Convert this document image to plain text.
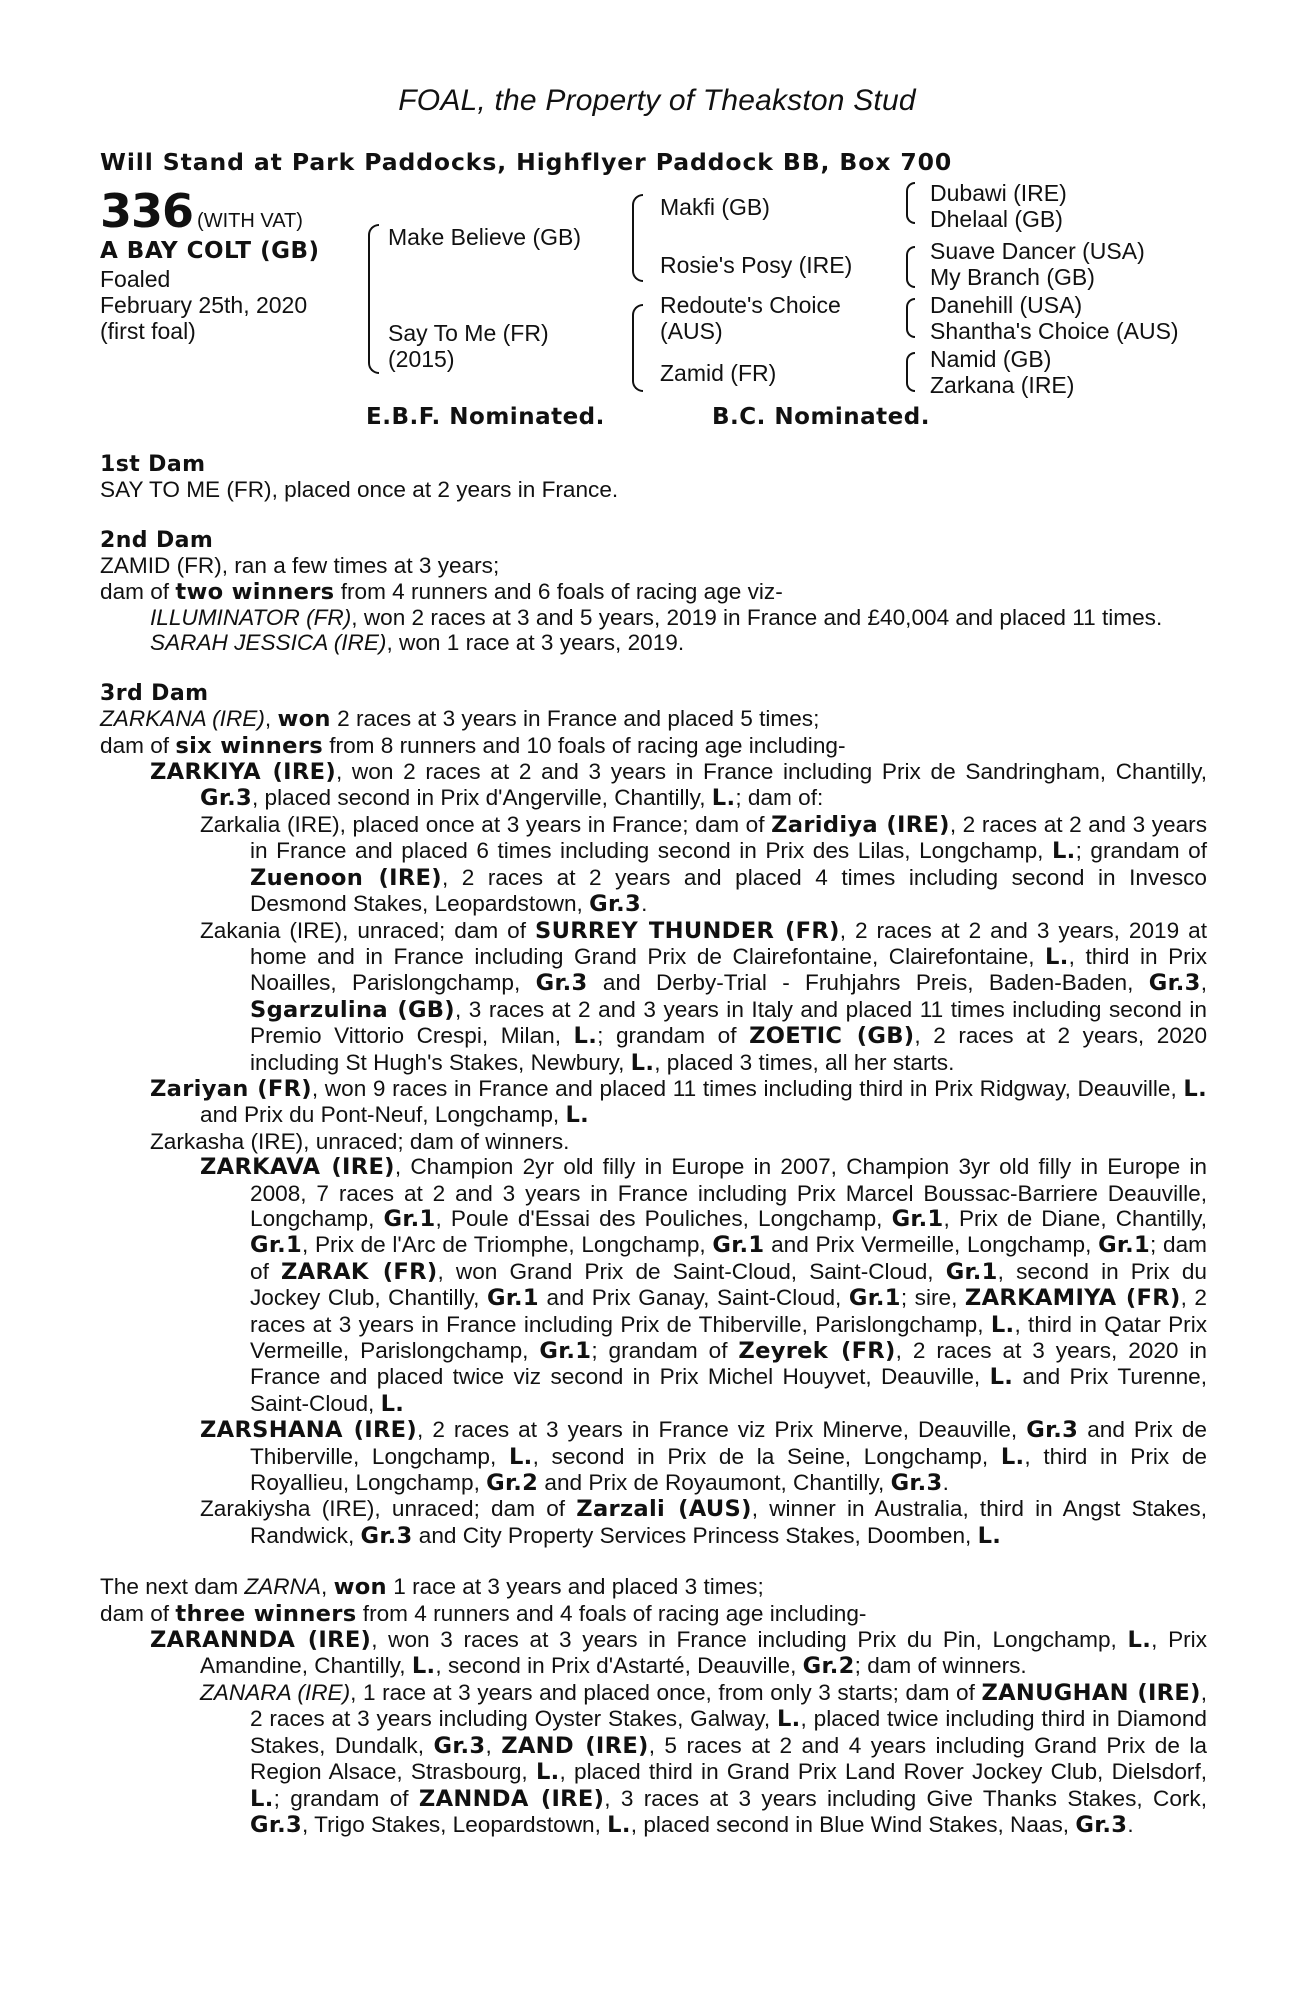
FOAL, the Property of Theakston Stud
Will Stand at Park Paddocks, Highflyer Paddock BB, Box 700
336 (WITH VAT)
A BAY COLT (GB)
Foaled
February 25th, 2020
(first foal)
Make Believe (GB)
Say To Me (FR)
(2015)
Makfi (GB)
Rosie's Posy (IRE)
Redoute's Choice
(AUS)
Zamid (FR)
Dubawi (IRE)
Dhelaal (GB)
Suave Dancer (USA)
My Branch (GB)
Danehill (USA)
Shantha's Choice (AUS)
Namid (GB)
Zarkana (IRE)
E.B.F. Nominated.	B.C. Nominated.

1st Dam

SAY TO ME (FR), placed once at 2 years in France.

2nd Dam

ZAMID (FR), ran a few times at 3 years;

dam of two winners from 4 runners and 6 foals of racing age viz-

ILLUMINATOR (FR), won 2 races at 3 and 5 years, 2019 in France and £40,004 and placed 11 times.

SARAH JESSICA (IRE), won 1 race at 3 years, 2019.

3rd Dam

ZARKANA (IRE), won 2 races at 3 years in France and placed 5 times;

dam of six winners from 8 runners and 10 foals of racing age including-

ZARKIYA (IRE), won 2 races at 2 and 3 years in France including Prix de Sandringham, Chantilly, Gr.3, placed second in Prix d'Angerville, Chantilly, L.; dam of:

Zarkalia (IRE), placed once at 3 years in France; dam of Zaridiya (IRE), 2 races at 2 and 3 years in France and placed 6 times including second in Prix des Lilas, Longchamp, L.; grandam of Zuenoon (IRE), 2 races at 2 years and placed 4 times including second in Invesco Desmond Stakes, Leopardstown, Gr.3.

Zakania (IRE), unraced; dam of SURREY THUNDER (FR), 2 races at 2 and 3 years, 2019 at home and in France including Grand Prix de Clairefontaine, Clairefontaine, L., third in Prix Noailles, Parislongchamp, Gr.3 and Derby-Trial - Fruhjahrs Preis, Baden-Baden, Gr.3, Sgarzulina (GB), 3 races at 2 and 3 years in Italy and placed 11 times including second in Premio Vittorio Crespi, Milan, L.; grandam of ZOETIC (GB), 2 races at 2 years, 2020 including St Hugh's Stakes, Newbury, L., placed 3 times, all her starts.

Zariyan (FR), won 9 races in France and placed 11 times including third in Prix Ridgway, Deauville, L. and Prix du Pont-Neuf, Longchamp, L.

Zarkasha (IRE), unraced; dam of winners.

ZARKAVA (IRE), Champion 2yr old filly in Europe in 2007, Champion 3yr old filly in Europe in 2008, 7 races at 2 and 3 years in France including Prix Marcel Boussac-Barriere Deauville, Longchamp, Gr.1, Poule d'Essai des Pouliches, Longchamp, Gr.1, Prix de Diane, Chantilly, Gr.1, Prix de l'Arc de Triomphe, Longchamp, Gr.1 and Prix Vermeille, Longchamp, Gr.1; dam of ZARAK (FR), won Grand Prix de Saint-Cloud, Saint-Cloud, Gr.1, second in Prix du Jockey Club, Chantilly, Gr.1 and Prix Ganay, Saint-Cloud, Gr.1; sire, ZARKAMIYA (FR), 2 races at 3 years in France including Prix de Thiberville, Parislongchamp, L., third in Qatar Prix Vermeille, Parislongchamp, Gr.1; grandam of Zeyrek (FR), 2 races at 3 years, 2020 in France and placed twice viz second in Prix Michel Houyvet, Deauville, L. and Prix Turenne, Saint-Cloud, L.

ZARSHANA (IRE), 2 races at 3 years in France viz Prix Minerve, Deauville, Gr.3 and Prix de Thiberville, Longchamp, L., second in Prix de la Seine, Longchamp, L., third in Prix de Royallieu, Longchamp, Gr.2 and Prix de Royaumont, Chantilly, Gr.3.

Zarakiysha (IRE), unraced; dam of Zarzali (AUS), winner in Australia, third in Angst Stakes, Randwick, Gr.3 and City Property Services Princess Stakes, Doomben, L.

The next dam ZARNA, won 1 race at 3 years and placed 3 times;

dam of three winners from 4 runners and 4 foals of racing age including-

ZARANNDA (IRE), won 3 races at 3 years in France including Prix du Pin, Longchamp, L., Prix Amandine, Chantilly, L., second in Prix d'Astarté, Deauville, Gr.2; dam of winners.

ZANARA (IRE), 1 race at 3 years and placed once, from only 3 starts; dam of ZANUGHAN (IRE), 2 races at 3 years including Oyster Stakes, Galway, L., placed twice including third in Diamond Stakes, Dundalk, Gr.3, ZAND (IRE), 5 races at 2 and 4 years including Grand Prix de la Region Alsace, Strasbourg, L., placed third in Grand Prix Land Rover Jockey Club, Dielsdorf, L.; grandam of ZANNDA (IRE), 3 races at 3 years including Give Thanks Stakes, Cork, Gr.3, Trigo Stakes, Leopardstown, L., placed second in Blue Wind Stakes, Naas, Gr.3.
